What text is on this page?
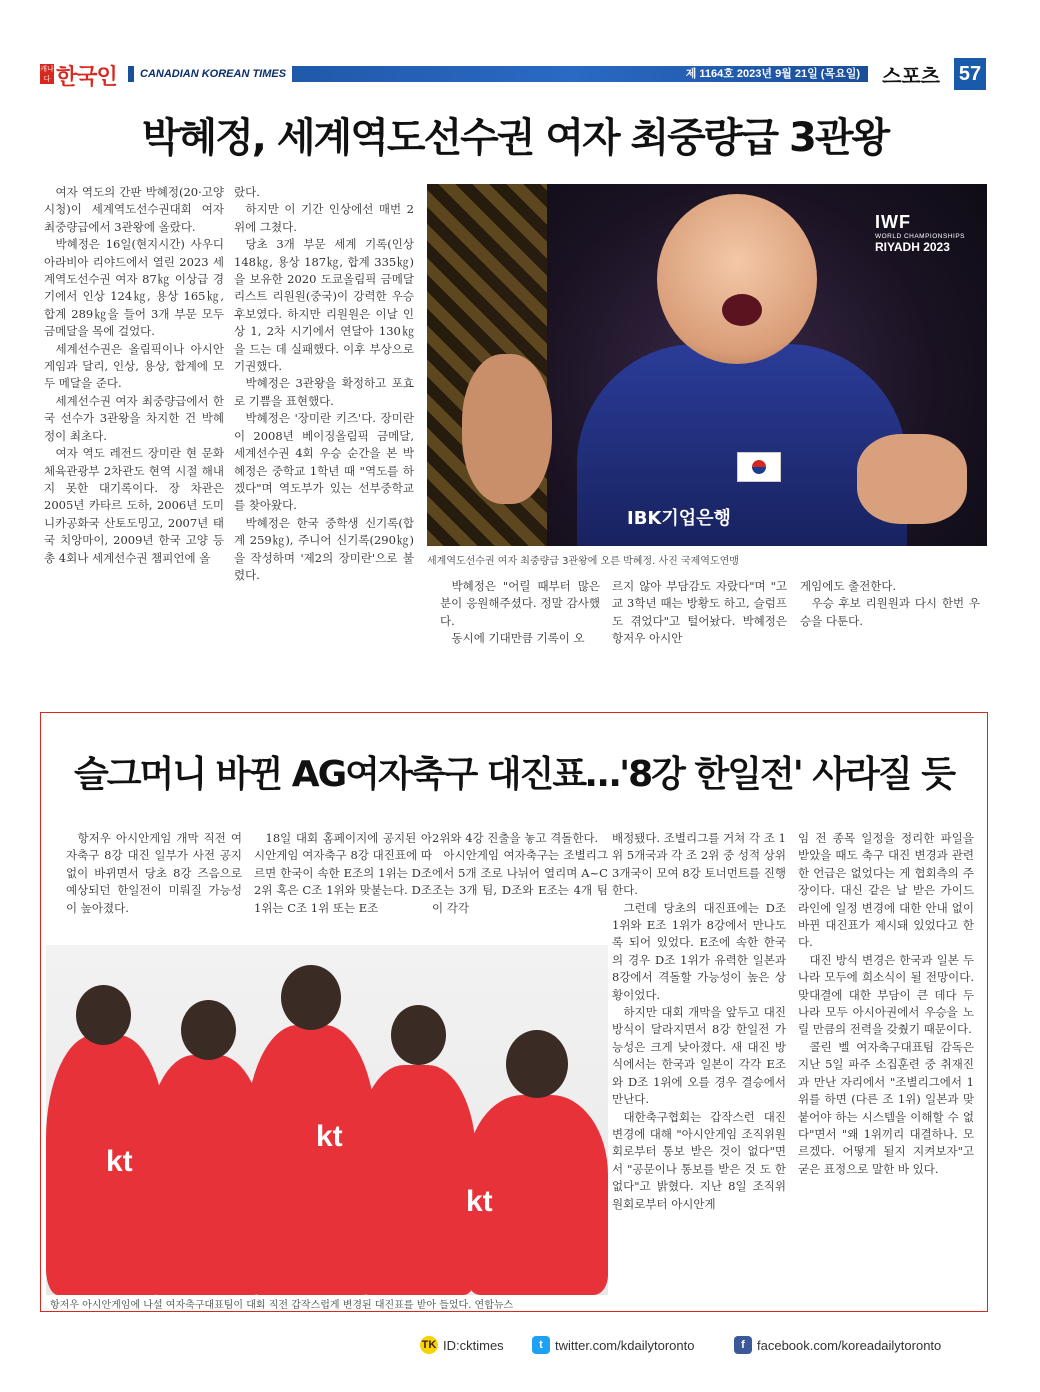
캐나다 한국인	CANADIAN KOREAN TIMES	제 1164호 2023년 9월 21일 (목요일) 스포츠 57
박혜정, 세계역도선수권 여자 최중량급 3관왕

여자 역도의 간판 박혜정(20·고양시청)이 세계역도선수권대회 여자 최중량급에서 3관왕에 올랐다.

박혜정은 16일(현지시간) 사우디아라비아 리야드에서 열린 2023 세계역도선수권 여자 87㎏ 이상급 경기에서 인상 124㎏, 용상 165㎏, 합계 289㎏을 들어 3개 부문 모두 금메달을 목에 걸었다.

세계선수권은 올림픽이나 아시안게임과 달리, 인상, 용상, 합계에 모두 메달을 준다.

세계선수권 여자 최중량급에서 한국 선수가 3관왕을 차지한 건 박혜정이 최초다.

여자 역도 레전드 장미란 현 문화체육관광부 2차관도 현역 시절 해내지 못한 대기록이다. 장 차관은 2005년 카타르 도하, 2006년 도미니카공화국 산토도밍고, 2007년 태국 치앙마이, 2009년 한국 고양 등 총 4회나 세계선수권 챔피언에 올

랐다.

하지만 이 기간 인상에선 매번 2위에 그쳤다.

당초 3개 부문 세계 기록(인상 148㎏, 용상 187㎏, 합계 335㎏)을 보유한 2020 도쿄올림픽 금메달리스트 리원원(중국)이 강력한 우승 후보였다. 하지만 리원원은 이날 인상 1, 2차 시기에서 연달아 130㎏을 드는 데 실패했다. 이후 부상으로 기권했다.

박혜정은 3관왕을 확정하고 포효로 기쁨을 표현했다.

박혜정은 '장미란 키즈'다. 장미란이 2008년 베이징올림픽 금메달, 세계선수권 4회 우승 순간을 본 박혜정은 중학교 1학년 때 "역도를 하겠다"며 역도부가 있는 선부중학교를 찾아왔다.

박혜정은 한국 중학생 신기록(합계 259㎏), 주니어 신기록(290㎏)을 작성하며 '제2의 장미란'으로 불렸다.

IBK기업은행
IWF
WORLD CHAMPIONSHIPS
RIYADH 2023
세계역도선수권 여자 최중량급 3관왕에 오른 박혜정. 사진 국제역도연맹

박혜정은 "어릴 때부터 많은 분이 응원해주셨다. 정말 감사했다.

동시에 기대만큼 기록이 오

르지 않아 부담감도 자랐다"며 "고교 3학년 때는 방황도 하고, 슬럼프도 겪었다"고 털어놨다. 박혜정은 항저우 아시안

게임에도 출전한다.

우승 후보 리원원과 다시 한번 우승을 다툰다.

슬그머니 바뀐 AG여자축구 대진표…'8강 한일전' 사라질 듯

항저우 아시안게임 개막 직전 여자축구 8강 대진 일부가 사전 공지 없이 바뀌면서 당초 8강 즈음으로 예상되던 한일전이 미뤄질 가능성이 높아졌다.

18일 대회 홈페이지에 공지된 아시안게임 여자축구 8강 대진표에 따르면 한국이 속한 E조의 1위는 D조 2위 혹은 C조 1위와 맞붙는다. D조 1위는 C조 1위 또는 E조

2위와 4강 진출을 놓고 격돌한다.

아시안게임 여자축구는 조별리그에서 5개 조로 나뉘어 열리며 A~C조는 3개 팀, D조와 E조는 4개 팀이 각각

배정됐다. 조별리그를 거쳐 각 조 1위 5개국과 각 조 2위 중 성적 상위 3개국이 모여 8강 토너먼트를 진행한다.

그런데 당초의 대진표에는 D조 1위와 E조 1위가 8강에서 만나도록 되어 있었다. E조에 속한 한국의 경우 D조 1위가 유력한 일본과 8강에서 격돌할 가능성이 높은 상황이었다.

하지만 대회 개막을 앞두고 대진 방식이 달라지면서 8강 한일전 가능성은 크게 낮아졌다. 새 대진 방식에서는 한국과 일본이 각각 E조와 D조 1위에 오를 경우 결승에서 만난다.

대한축구협회는 갑작스런 대진 변경에 대해 "아시안게임 조직위원회로부터 통보 받은 것이 없다"면서 "공문이나 통보를 받은 것 도 한 없다"고 밝혔다. 지난 8일 조직위원회로부터 아시안게

임 전 종목 일정을 정리한 파일을 받았을 때도 축구 대진 변경과 관련한 언급은 없었다는 게 협회측의 주장이다. 대신 같은 날 받은 가이드라인에 일정 변경에 대한 안내 없이 바뀐 대진표가 제시돼 있었다고 한다.

대진 방식 변경은 한국과 일본 두 나라 모두에 희소식이 될 전망이다. 맞대결에 대한 부담이 큰 데다 두 나라 모두 아시아권에서 우승을 노릴 만큼의 전력을 갖췄기 때문이다.

콜린 벨 여자축구대표팀 감독은 지난 5일 파주 소집훈련 중 취재진과 만난 자리에서 "조별리그에서 1위를 하면 (다른 조 1위) 일본과 맞붙어야 하는 시스템을 이해할 수 없다"면서 "왜 1위끼리 대결하나. 모르겠다. 어떻게 될지 지켜보자"고 굳은 표정으로 말한 바 있다.

kt
kt
kt
항저우 아시안게임에 나설 여자축구대표팀이 대회 직전 갑작스럽게 변경된 대진표를 받아 들었다. 연합뉴스
TK ID:cktimes	t twitter.com/kdailytoronto	f facebook.com/koreadailytoronto
